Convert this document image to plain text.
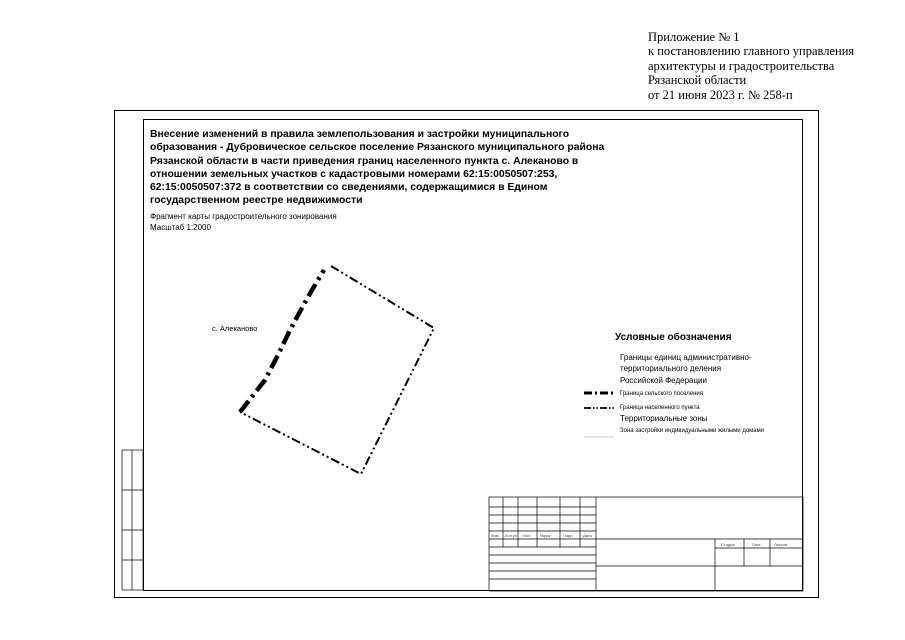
Приложение № 1
к постановлению главного управления
архитектуры и градостроительства
Рязанской области
от 21 июня 2023 г. № 258-п
Внесение изменений в правила землепользования и застройки муниципального
образования - Дубровическое сельское поселение Рязанского муниципального района
Рязанской области в части приведения границ населенного пункта с. Алеканово в
отношении земельных участков с кадастровыми номерами 62:15:0050507:253,
62:15:0050507:372 в соответствии со сведениями, содержащимися в Едином
государственном реестре недвижимости
Фрагмент карты градостроительного зонирования
Масштаб 1:2000
с. Алеканово
Условные обозначения
Границы единиц административно-
территориального деления
Российской Федерации
Граница сельского поселения
Граница населенного пункта
Территориальные зоны
Зона застройки индивидуальными жилыми домами
Изм. Кол.уч Лист №док	Подп. Дата
Стадия	Лист	Листов
